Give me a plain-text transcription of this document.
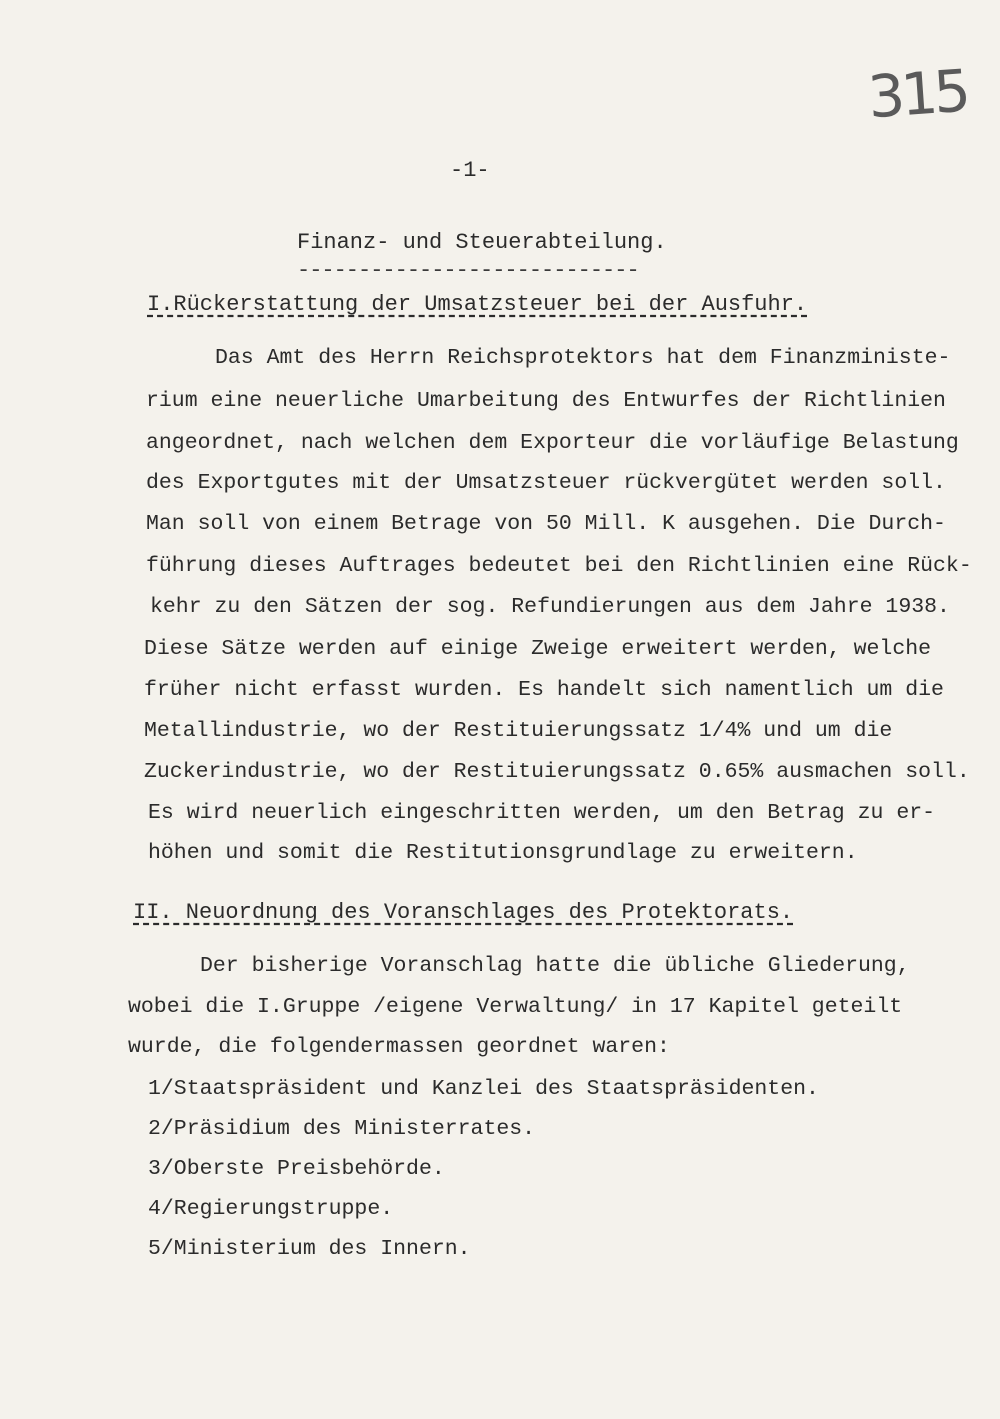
315
-1-
Finanz- und Steuerabteilung.
----------------------------
I.Rückerstattung der Umsatzsteuer bei der Ausfuhr.
Das Amt des Herrn Reichsprotektors hat dem Finanzministe-
rium eine neuerliche Umarbeitung des Entwurfes der Richtlinien
angeordnet, nach welchen dem Exporteur die vorläufige Belastung
des Exportgutes mit der Umsatzsteuer rückvergütet werden soll.
Man soll von einem Betrage von 50 Mill. K ausgehen. Die Durch-
führung dieses Auftrages bedeutet bei den Richtlinien eine Rück-
kehr zu den Sätzen der sog. Refundierungen aus dem Jahre 1938.
Diese Sätze werden auf einige Zweige erweitert werden, welche
früher nicht erfasst wurden. Es handelt sich namentlich um die
Metallindustrie, wo der Restituierungssatz 1/4% und um die
Zuckerindustrie, wo der Restituierungssatz 0.65% ausmachen soll.
Es wird neuerlich eingeschritten werden, um den Betrag zu er-
höhen und somit die Restitutionsgrundlage zu erweitern.
II. Neuordnung des Voranschlages des Protektorats.
Der bisherige Voranschlag hatte die übliche Gliederung,
wobei die I.Gruppe /eigene Verwaltung/ in 17 Kapitel geteilt
wurde, die folgendermassen geordnet waren:
1/Staatspräsident und Kanzlei des Staatspräsidenten.
2/Präsidium des Ministerrates.
3/Oberste Preisbehörde.
4/Regierungstruppe.
5/Ministerium des Innern.
